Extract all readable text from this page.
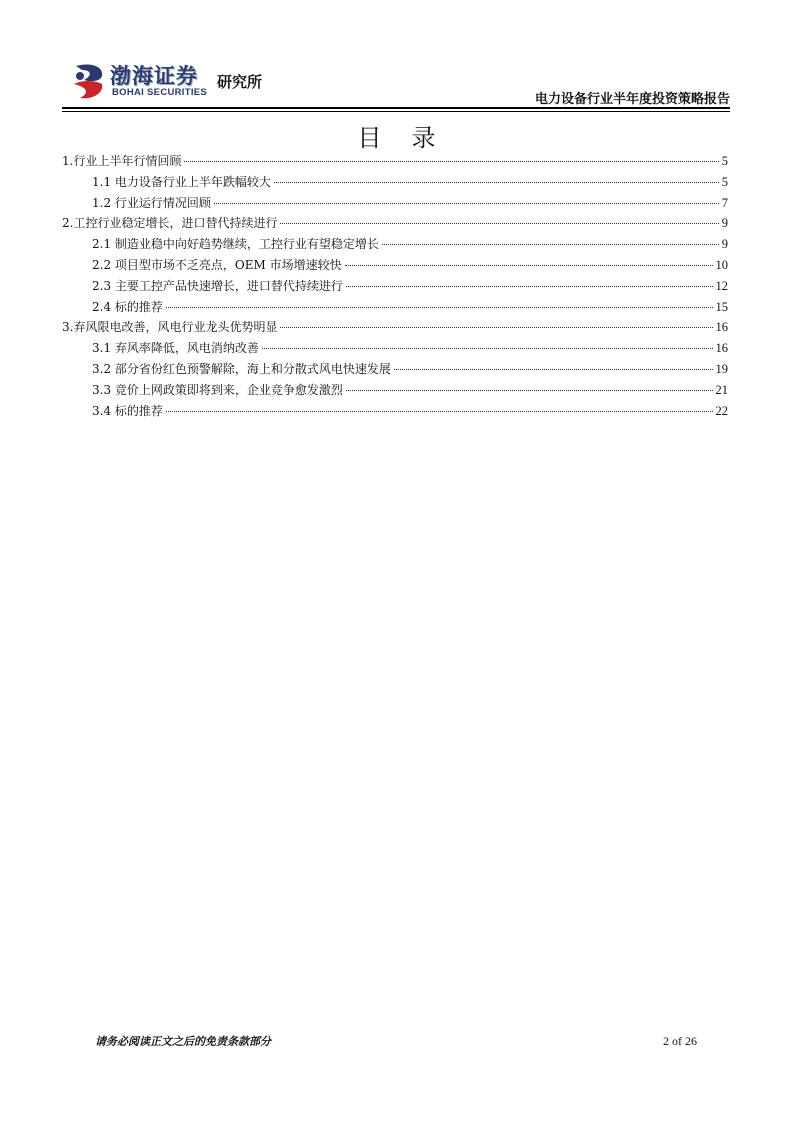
渤海证券
BOHAI SECURITIES
研究所
电力设备行业半年度投资策略报告
目录
1.行业上半年行情回顾	5
1.1 电力设备行业上半年跌幅较大	5
1.2 行业运行情况回顾	7
2.工控行业稳定增长，进口替代持续进行	9
2.1 制造业稳中向好趋势继续，工控行业有望稳定增长	9
2.2 项目型市场不乏亮点，OEM 市场增速较快	10
2.3 主要工控产品快速增长，进口替代持续进行	12
2.4 标的推荐	15
3.弃风限电改善，风电行业龙头优势明显	16
3.1 弃风率降低，风电消纳改善	16
3.2 部分省份红色预警解除，海上和分散式风电快速发展	19
3.3 竞价上网政策即将到来，企业竞争愈发激烈	21
3.4 标的推荐	22
请务必阅读正文之后的免责条款部分	2 of 26
